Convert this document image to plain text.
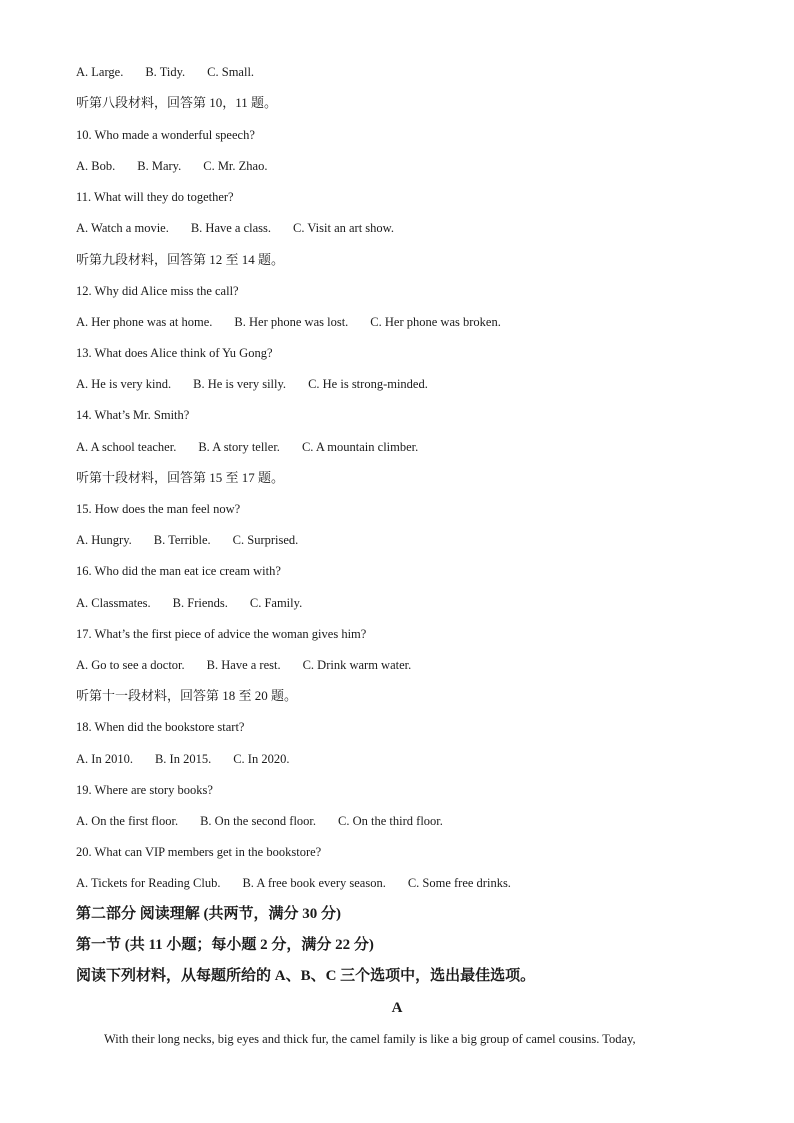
A. Large. B. Tidy. C. Small.
听第八段材料，回答第 10，11 题。
10. Who made a wonderful speech?
A. Bob. B. Mary. C. Mr. Zhao.
11. What will they do together?
A. Watch a movie. B. Have a class. C. Visit an art show.
听第九段材料，回答第 12 至 14 题。
12. Why did Alice miss the call?
A. Her phone was at home. B. Her phone was lost. C. Her phone was broken.
13. What does Alice think of Yu Gong?
A. He is very kind. B. He is very silly. C. He is strong-minded.
14. What’s Mr. Smith?
A. A school teacher. B. A story teller. C. A mountain climber.
听第十段材料，回答第 15 至 17 题。
15. How does the man feel now?
A. Hungry. B. Terrible. C. Surprised.
16. Who did the man eat ice cream with?
A. Classmates. B. Friends. C. Family.
17. What’s the first piece of advice the woman gives him?
A. Go to see a doctor. B. Have a rest. C. Drink warm water.
听第十一段材料，回答第 18 至 20 题。
18. When did the bookstore start?
A. In 2010. B. In 2015. C. In 2020.
19. Where are story books?
A. On the first floor. B. On the second floor. C. On the third floor.
20. What can VIP members get in the bookstore?
A. Tickets for Reading Club. B. A free book every season. C. Some free drinks.
第二部分 阅读理解 (共两节，满分 30 分)
第一节 (共 11 小题；每小题 2 分，满分 22 分)
阅读下列材料，从每题所给的 A、B、C 三个选项中，选出最佳选项。
A
With their long necks, big eyes and thick fur, the camel family is like a big group of camel cousins. Today,
